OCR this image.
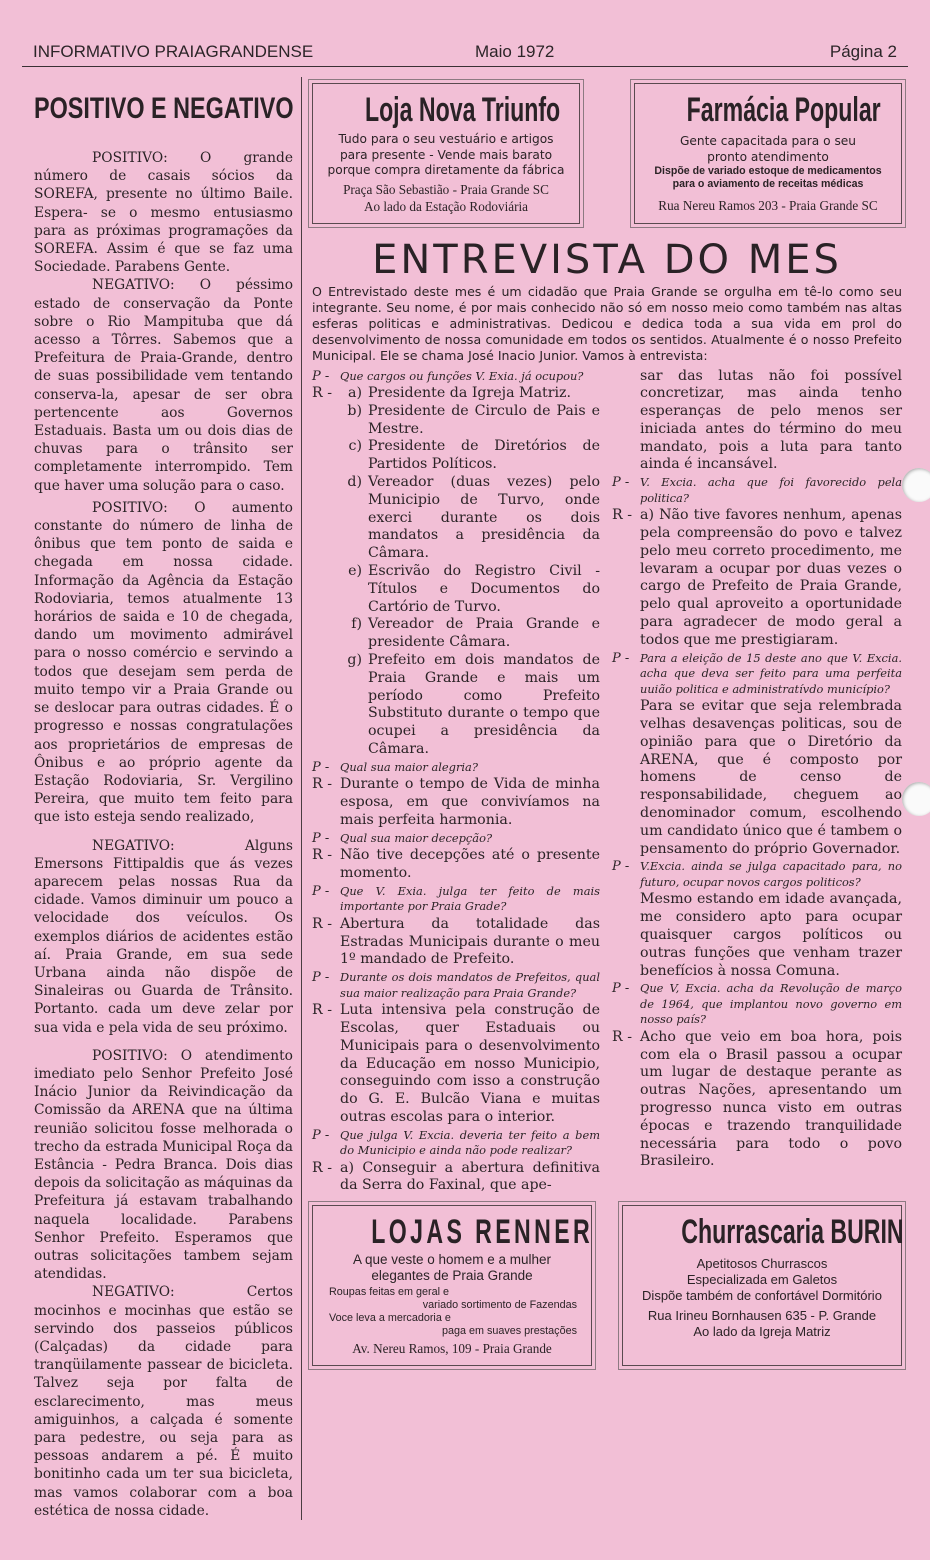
INFORMATIVO PRAIAGRANDENSE	Maio 1972	Página 2
POSITIVO E NEGATIVO

POSITIVO: O grande número de casais sócios da SOREFA, presente no último Baile. Espera- se o mesmo entusiasmo para as próximas programações da SOREFA. Assim é que se faz uma Sociedade. Parabens Gente.

NEGATIVO: O péssimo estado de conservação da Ponte sobre o Rio Mampituba que dá acesso a Tôrres. Sabemos que a Prefeitura de Praia-Grande, dentro de suas possibilidade vem tentando conserva-la, apesar de ser obra pertencente aos Governos Estaduais. Basta um ou dois dias de chuvas para o trânsito ser completamente interrompido. Tem que haver uma solução para o caso.

POSITIVO: O aumento constante do número de linha de ônibus que tem ponto de saida e chegada em nossa cidade. Informação da Agência da Estação Rodoviaria, temos atualmente 13 horários de saida e 10 de chegada, dando um movimento admirável para o nosso comércio e servindo a todos que desejam sem perda de muito tempo vir a Praia Grande ou se deslocar para outras cidades. É o progresso e nossas congratulações aos proprietários de empresas de Ônibus e ao próprio agente da Estação Rodoviaria, Sr. Vergilino Pereira, que muito tem feito para que isto esteja sendo realizado,

NEGATIVO: Alguns Emersons Fittipaldis que ás vezes aparecem pelas nossas Rua da cidade. Vamos diminuir um pouco a velocidade dos veículos. Os exemplos diários de acidentes estão aí. Praia Grande, em sua sede Urbana ainda não dispõe de Sinaleiras ou Guarda de Trânsito. Portanto. cada um deve zelar por sua vida e pela vida de seu próximo.

POSITIVO: O atendimento imediato pelo Senhor Prefeito José Inácio Junior da Reivindicação da Comissão da ARENA que na última reunião solicitou fosse melhorada o trecho da estrada Municipal Roça da Estância - Pedra Branca. Dois dias depois da solicitação as máquinas da Prefeitura já estavam trabalhando naquela localidade. Parabens Senhor Prefeito. Esperamos que outras solicitações tambem sejam atendidas.

NEGATIVO: Certos mocinhos e mocinhas que estão se servindo dos passeios públicos (Calçadas) da cidade para tranqüilamente passear de bicicleta. Talvez seja por falta de esclarecimento, mas meus amiguinhos, a calçada é somente para pedestre, ou seja para as pessoas andarem a pé. É muito bonitinho cada um ter sua bicicleta, mas vamos colaborar com a boa estética de nossa cidade.

Loja Nova Triunfo
Tudo para o seu vestuário e artigos
para presente - Vende mais barato
porque compra diretamente da fábrica
Praça São Sebastião - Praia Grande SC
Ao lado da Estação Rodoviária
Farmácia Popular
Gente capacitada para o seu
pronto atendimento
Dispõe de variado estoque de medicamentos
para o aviamento de receitas médicas
Rua Nereu Ramos 203 - Praia Grande SC
ENTREVISTA DO MES
O Entrevistado deste mes é um cidadão que Praia Grande se orgulha em tê-lo como seu integrante. Seu nome, é por mais conhecido não só em nosso meio como também nas altas esferas politicas e administrativas. Dedicou e dedica toda a sua vida em prol do desenvolvimento de nossa comunidade em todos os sentidos. Atualmente é o nosso Prefeito Municipal. Ele se chama José Inacio Junior. Vamos à entrevista:
P - Que cargos ou funções V. Exia. já ocupou?
R -	a) Presidente da Igreja Matriz.
b) Presidente de Circulo de Pais e Mestre.
c) Presidente de Diretórios de Partidos Políticos.
d) Vereador (duas vezes) pelo Municipio de Turvo, onde exerci durante os dois mandatos a presidência da Câmara.
e) Escrivão do Registro Civil - Títulos e Documentos do Cartório de Turvo.
f) Vereador de Praia Grande e presidente Câmara.
g) Prefeito em dois mandatos de Praia Grande e mais um período como Prefeito Substituto durante o tempo que ocupei a presidência da Câmara.
P - Qual sua maior alegria?
R - Durante o tempo de Vida de minha esposa, em que convivíamos na mais perfeita harmonia.
P - Qual sua maior decepção?
R - Não tive decepções até o presente momento.
P - Que V. Exia. julga ter feito de mais importante por Praia Grade?
R - Abertura da totalidade das Estradas Municipais durante o meu 1º mandado de Prefeito.
P - Durante os dois mandatos de Prefeitos, qual sua maior realização para Praia Grande?
R - Luta intensiva pela construção de Escolas, quer Estaduais ou Municipais para o desenvolvimento da Educação em nosso Municipio, conseguindo com isso a construção do G. E. Bulcão Viana e muitas outras escolas para o interior.
P - Que julga V. Excia. deveria ter feito a bem do Municipio e ainda não pode realizar?
R - a) Conseguir a abertura definitiva da Serra do Faxinal, que ape-
sar das lutas não foi possível concretizar, mas ainda tenho esperanças de pelo menos ser iniciada antes do término do meu mandato, pois a luta para tanto ainda é incansável.
P - V. Excia. acha que foi favorecido pela politica?
R - a) Não tive favores nenhum, apenas pela compreensão do povo e talvez pelo meu correto procedimento, me levaram a ocupar por duas vezes o cargo de Prefeito de Praia Grande, pelo qual aproveito a oportunidade para agradecer de modo geral a todos que me prestigiaram.
P - Para a eleição de 15 deste ano que V. Excia. acha que deva ser feito para uma perfeita uuião politica e administratívdo município?
Para se evitar que seja relembrada velhas desavenças politicas, sou de opinião para que o Diretório da ARENA, que é composto por homens de censo de responsabilidade, cheguem ao denominador comum, escolhendo um candidato único que é tambem o pensamento do próprio Governador.
P - V.Excia. ainda se julga capacitado para, no futuro, ocupar novos cargos politicos?
Mesmo estando em idade avançada, me considero apto para ocupar quaisquer cargos políticos ou outras funções que venham trazer benefícios à nossa Comuna.
P - Que V, Excia. acha da Revolução de março de 1964, que implantou novo governo em nosso país?
R - Acho que veio em boa hora, pois com ela o Brasil passou a ocupar um lugar de destaque perante as outras Nações, apresentando um progresso nunca visto em outras épocas e trazendo tranquilidade necessária para todo o povo Brasileiro.
LOJAS RENNER
A que veste o homem e a mulher
elegantes de Praia Grande
Roupas feitas em geral e
variado sortimento de Fazendas
Voce leva a mercadoria e
paga em suaves prestações
Av. Nereu Ramos, 109 - Praia Grande
Churrascaria BURIN
Apetitosos Churrascos
Especializada em Galetos
Dispõe também de confortável Dormitório
Rua Irineu Bornhausen 635 - P. Grande
Ao lado da Igreja Matriz
